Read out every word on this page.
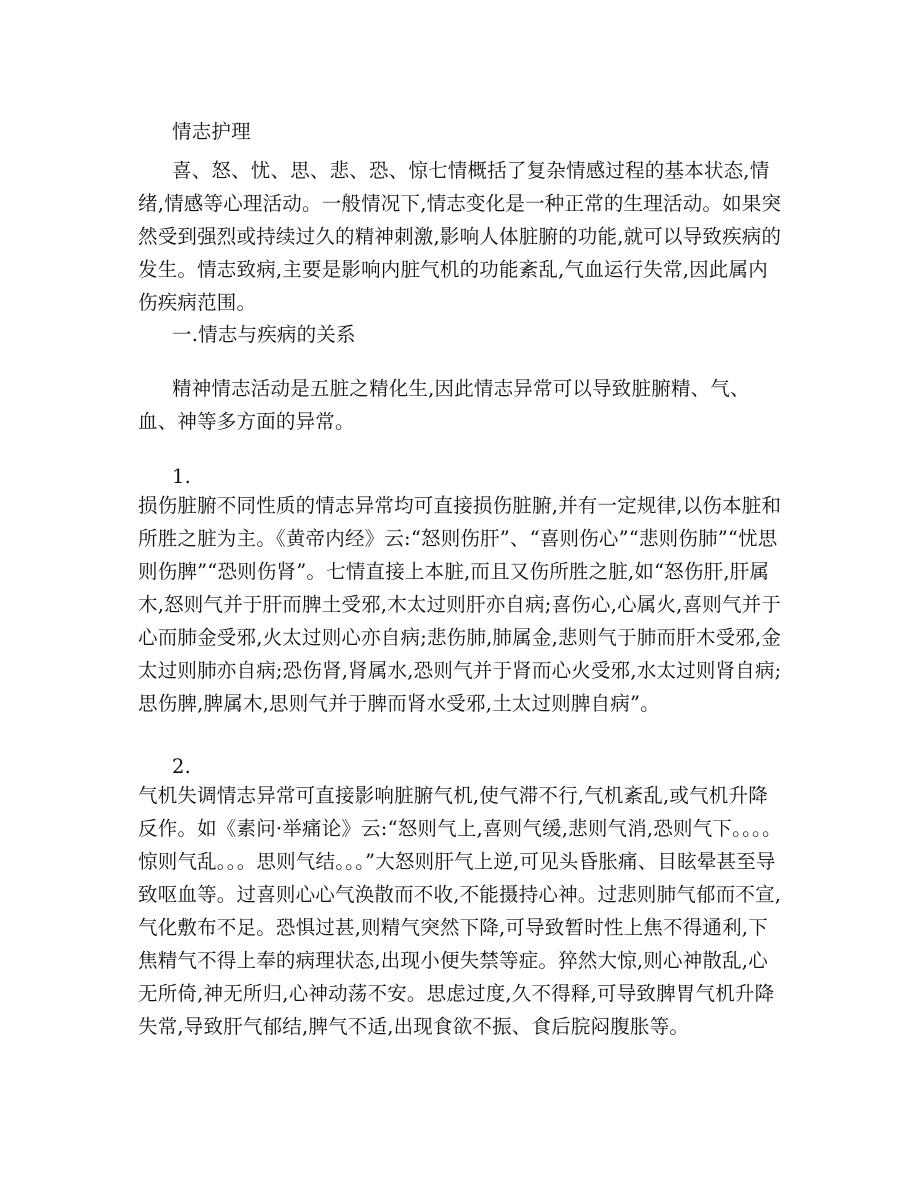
情志护理

喜、怒、忧、思、悲、恐、惊七情概括了复杂情感过程的基本状态,情绪,情感等心理活动。一般情况下,情志变化是一种正常的生理活动。如果突然受到强烈或持续过久的精神刺激,影响人体脏腑的功能,就可以导致疾病的发生。情志致病,主要是影响内脏气机的功能紊乱,气血运行失常,因此属内伤疾病范围。

一.情志与疾病的关系

精神情志活动是五脏之精化生,因此情志异常可以导致脏腑精、气、血、神等多方面的异常。

1.

损伤脏腑不同性质的情志异常均可直接损伤脏腑,并有一定规律,以伤本脏和所胜之脏为主。《黄帝内经》云:“怒则伤肝”、“喜则伤心”“悲则伤肺”“忧思则伤脾”“恐则伤肾”。七情直接上本脏,而且又伤所胜之脏,如“怒伤肝,肝属木,怒则气并于肝而脾土受邪,木太过则肝亦自病;喜伤心,心属火,喜则气并于心而肺金受邪,火太过则心亦自病;悲伤肺,肺属金,悲则气于肺而肝木受邪,金太过则肺亦自病;恐伤肾,肾属水,恐则气并于肾而心火受邪,水太过则肾自病;思伤脾,脾属木,思则气并于脾而肾水受邪,土太过则脾自病”。

2.

气机失调情志异常可直接影响脏腑气机,使气滞不行,气机紊乱,或气机升降反作。如《素问·举痛论》云:“怒则气上,喜则气缓,悲则气消,恐则气下。。。。惊则气乱。。。思则气结。。。”大怒则肝气上逆,可见头昏胀痛、目眩晕甚至导致呕血等。过喜则心心气涣散而不收,不能摄持心神。过悲则肺气郁而不宣,气化敷布不足。恐惧过甚,则精气突然下降,可导致暂时性上焦不得通利,下焦精气不得上奉的病理状态,出现小便失禁等症。猝然大惊,则心神散乱,心无所倚,神无所归,心神动荡不安。思虑过度,久不得释,可导致脾胃气机升降失常,导致肝气郁结,脾气不适,出现食欲不振、食后脘闷腹胀等。
